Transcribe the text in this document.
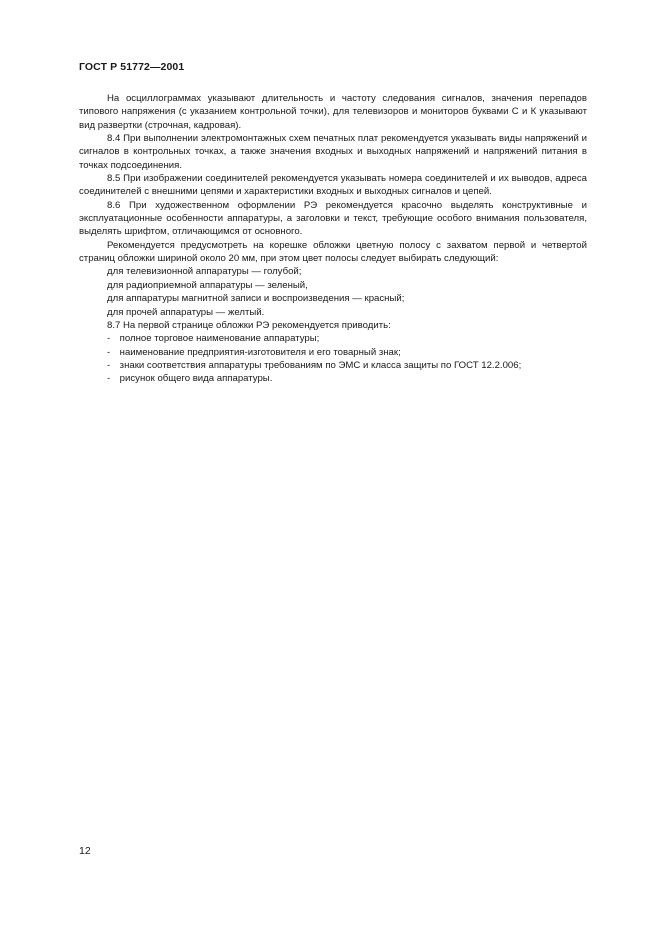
ГОСТ Р 51772—2001

На осциллограммах указывают длительность и частоту следования сигналов, значения перепадов типового напряжения (с указанием контрольной точки), для телевизоров и мониторов буквами С и К указывают вид развертки (строчная, кадровая).

8.4 При выполнении электромонтажных схем печатных плат рекомендуется указывать виды напряжений и сигналов в контрольных точках, а также значения входных и выходных напряжений и напряжений питания в точках подсоединения.

8.5 При изображении соединителей рекомендуется указывать номера соединителей и их выводов, адреса соединителей с внешними цепями и характеристики входных и выходных сигналов и цепей.

8.6 При художественном оформлении РЭ рекомендуется красочно выделять конструктивные и эксплуатационные особенности аппаратуры, а заголовки и текст, требующие особого внимания пользователя, выделять шрифтом, отличающимся от основного.

Рекомендуется предусмотреть на корешке обложки цветную полосу с захватом первой и четвертой страниц обложки шириной около 20 мм, при этом цвет полосы следует выбирать следующий:

для телевизионной аппаратуры — голубой;

для радиоприемной аппаратуры — зеленый,

для аппаратуры магнитной записи и воспроизведения — красный;

для прочей аппаратуры — желтый.

8.7 На первой странице обложки РЭ рекомендуется приводить:

- полное торговое наименование аппаратуры;

- наименование предприятия-изготовителя и его товарный знак;

- знаки соответствия аппаратуры требованиям по ЭМС и класса защиты по ГОСТ 12.2.006;

- рисунок общего вида аппаратуры.

12
